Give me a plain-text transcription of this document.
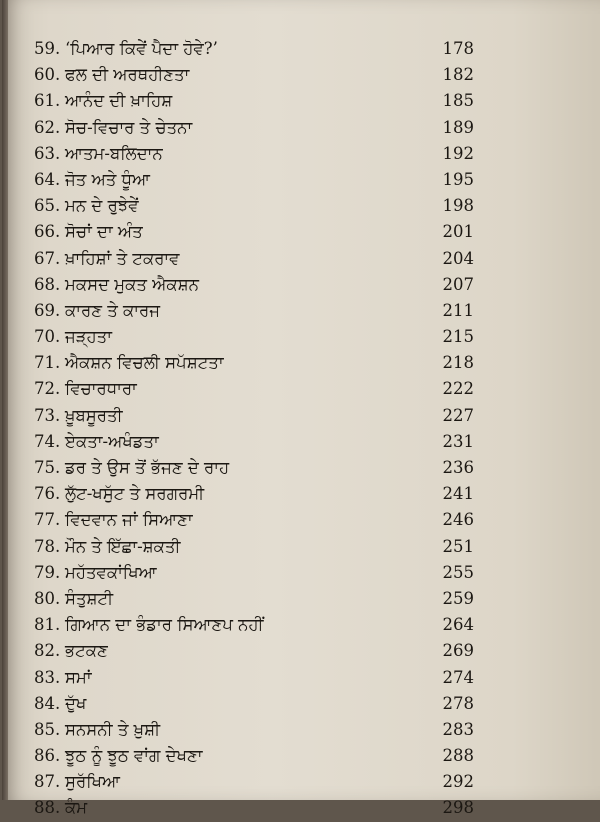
59. ‘ਪਿਆਰ ਕਿਵੇਂ ਪੈਦਾ ਹੋਵੇ?’	178
60. ਫਲ ਦੀ ਅਰਥਹੀਣਤਾ	182
61. ਆਨੰਦ ਦੀ ਖ਼ਾਹਿਸ਼	185
62. ਸੋਚ-ਵਿਚਾਰ ਤੇ ਚੇਤਨਾ	189
63. ਆਤਮ-ਬਲਿਦਾਨ	192
64. ਜੋਤ ਅਤੇ ਧੂੰਆ	195
65. ਮਨ ਦੇ ਰੁਝੇਵੇਂ	198
66. ਸੋਚਾਂ ਦਾ ਅੰਤ	201
67. ਖ਼ਾਹਿਸ਼ਾਂ ਤੇ ਟਕਰਾਵ	204
68. ਮਕਸਦ ਮੁਕਤ ਐਕਸ਼ਨ	207
69. ਕਾਰਣ ਤੇ ਕਾਰਜ	211
70. ਜੜ੍ਹਤਾ	215
71. ਐਕਸ਼ਨ ਵਿਚਲੀ ਸਪੱਸ਼ਟਤਾ	218
72. ਵਿਚਾਰਧਾਰਾ	222
73. ਖ਼ੂਬਸੂਰਤੀ	227
74. ਏਕਤਾ-ਅਖੰਡਤਾ	231
75. ਡਰ ਤੇ ਉਸ ਤੋਂ ਭੱਜਣ ਦੇ ਰਾਹ	236
76. ਲੁੱਟ-ਖਸੁੱਟ ਤੇ ਸਰਗਰਮੀ	241
77. ਵਿਦਵਾਨ ਜਾਂ ਸਿਆਣਾ	246
78. ਮੌਨ ਤੇ ਇੱਛਾ-ਸ਼ਕਤੀ	251
79. ਮਹੱਤਵਕਾਂਖਿਆ	255
80. ਸੰਤੁਸ਼ਟੀ	259
81. ਗਿਆਨ ਦਾ ਭੰਡਾਰ ਸਿਆਣਪ ਨਹੀਂ	264
82. ਭਟਕਣ	269
83. ਸਮਾਂ	274
84. ਦੁੱਖ	278
85. ਸਨਸਨੀ ਤੇ ਖ਼ੁਸ਼ੀ	283
86. ਝੂਠ ਨੂੰ ਝੂਠ ਵਾਂਗ ਦੇਖਣਾ	288
87. ਸੁਰੱਖਿਆ	292
88. ਕੰਮ	298
